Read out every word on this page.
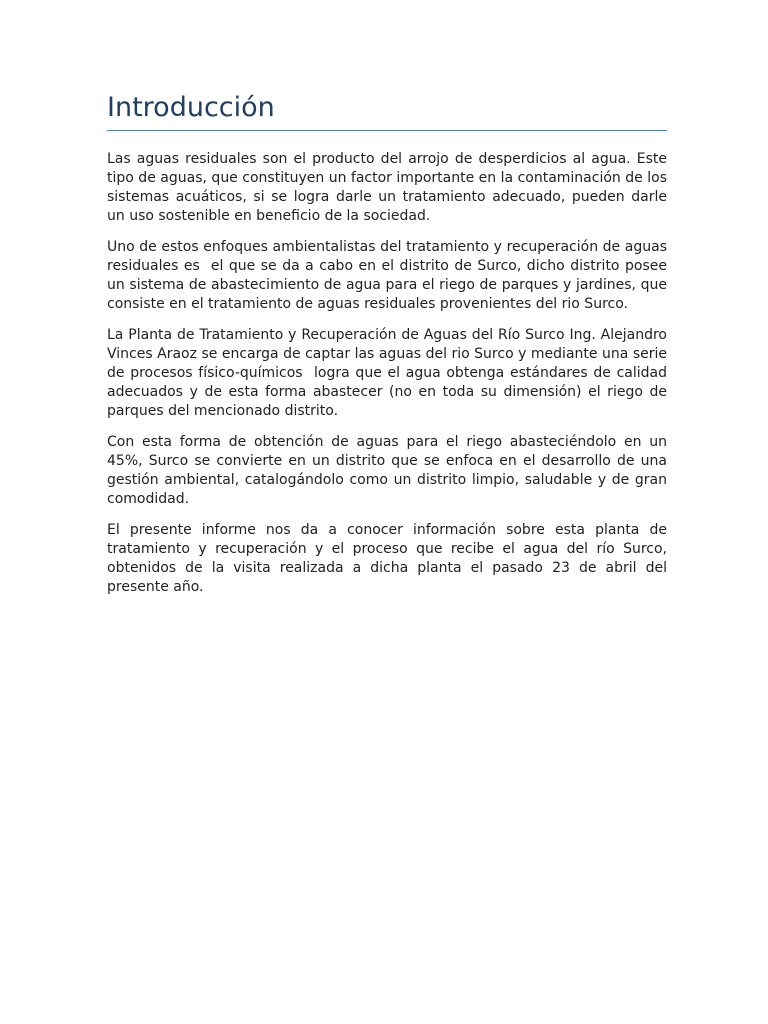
Introducción

Las aguas residuales son el producto del arrojo de desperdicios al agua. Este tipo de aguas, que constituyen un factor importante en la contaminación de los sistemas acuáticos, si se logra darle un tratamiento adecuado, pueden darle un uso sostenible en beneficio de la sociedad.

Uno de estos enfoques ambientalistas del tratamiento y recuperación de aguas residuales es  el que se da a cabo en el distrito de Surco, dicho distrito posee un sistema de abastecimiento de agua para el riego de parques y jardines, que consiste en el tratamiento de aguas residuales provenientes del rio Surco.

La Planta de Tratamiento y Recuperación de Aguas del Río Surco Ing. Alejandro Vinces Araoz se encarga de captar las aguas del rio Surco y mediante una serie de procesos físico-químicos  logra que el agua obtenga estándares de calidad adecuados y de esta forma abastecer (no en toda su dimensión) el riego de parques del mencionado distrito.

Con esta forma de obtención de aguas para el riego abasteciéndolo en un 45%, Surco se convierte en un distrito que se enfoca en el desarrollo de una gestión ambiental, catalogándolo como un distrito limpio, saludable y de gran comodidad.

El presente informe nos da a conocer información sobre esta planta de tratamiento y recuperación y el proceso que recibe el agua del río Surco, obtenidos de la visita realizada a dicha planta el pasado 23 de abril del presente año.
